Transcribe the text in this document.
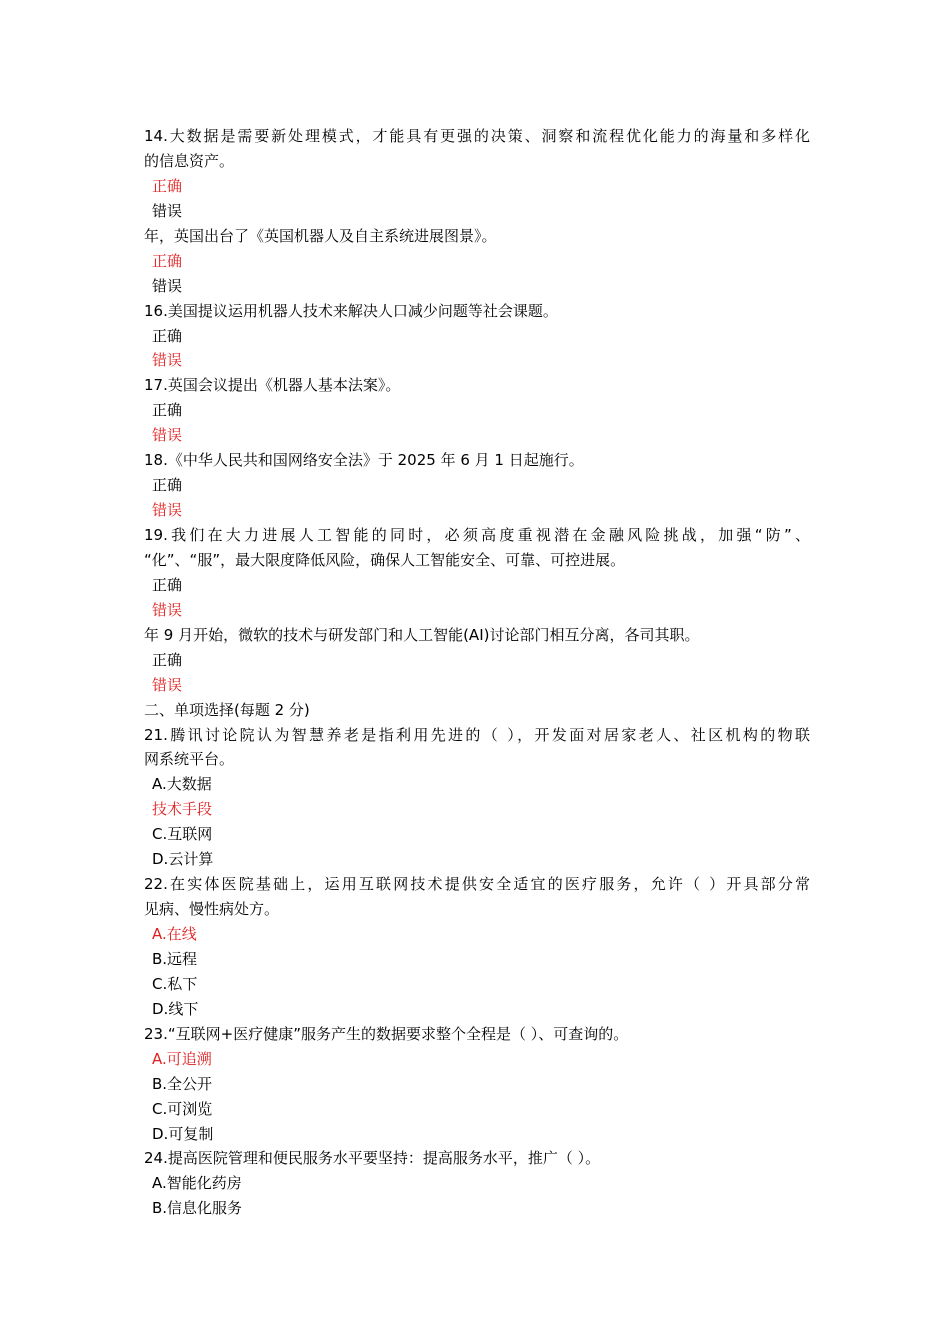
14.大数据是需要新处理模式，才能具有更强的决策、洞察和流程优化能力的海量和多样化
的信息资产。
正确
错误
年，英国出台了《英国机器人及自主系统进展图景》。
正确
错误
16.美国提议运用机器人技术来解决人口减少问题等社会课题。
正确
错误
17.英国会议提出《机器人基本法案》。
正确
错误
18.《中华人民共和国网络安全法》于 2025 年 6 月 1 日起施行。
正确
错误
19.我们在大力进展人工智能的同时，必须高度重视潜在金融风险挑战，加强“防”、
“化”、“服”，最大限度降低风险，确保人工智能安全、可靠、可控进展。
正确
错误
年 9 月开始，微软的技术与研发部门和人工智能(AI)讨论部门相互分离，各司其职。
正确
错误
二、单项选择(每题 2 分)
21.腾讯讨论院认为智慧养老是指利用先进的（ ），开发面对居家老人、社区机构的物联
网系统平台。
A.大数据
技术手段
C.互联网
D.云计算
22.在实体医院基础上，运用互联网技术提供安全适宜的医疗服务，允许（ ）开具部分常
见病、慢性病处方。
A.在线
B.远程
C.私下
D.线下
23.“互联网+医疗健康”服务产生的数据要求整个全程是（ ）、可查询的。
A.可追溯
B.全公开
C.可浏览
D.可复制
24.提高医院管理和便民服务水平要坚持：提高服务水平，推广（ ）。
A.智能化药房
B.信息化服务
